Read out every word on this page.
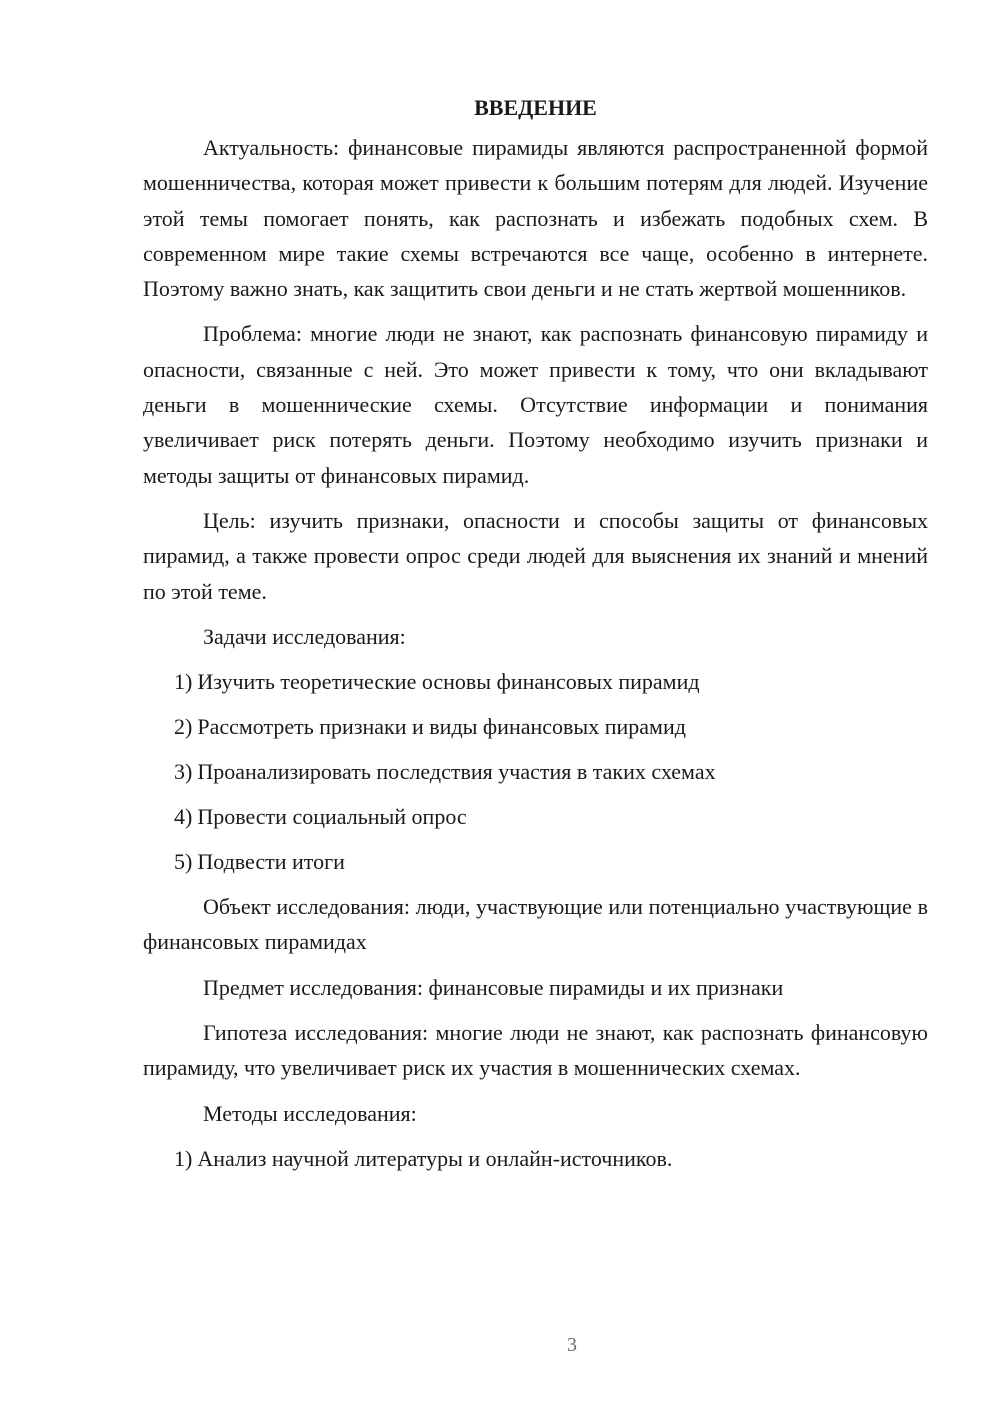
ВВЕДЕНИЕ
Актуальность: финансовые пирамиды являются распространенной формой мошенничества, которая может привести к большим потерям для людей. Изучение этой темы помогает понять, как распознать и избежать подобных схем. В современном мире такие схемы встречаются все чаще, особенно в интернете. Поэтому важно знать, как защитить свои деньги и не стать жертвой мошенников.
Проблема: многие люди не знают, как распознать финансовую пирамиду и опасности, связанные с ней. Это может привести к тому, что они вкладывают деньги в мошеннические схемы. Отсутствие информации и понимания увеличивает риск потерять деньги. Поэтому необходимо изучить признаки и методы защиты от финансовых пирамид.
Цель: изучить признаки, опасности и способы защиты от финансовых пирамид, а также провести опрос среди людей для выяснения их знаний и мнений по этой теме.
Задачи исследования:
1) Изучить теоретические основы финансовых пирамид
2) Рассмотреть признаки и виды финансовых пирамид
3) Проанализировать последствия участия в таких схемах
4) Провести социальный опрос
5) Подвести итоги
Объект исследования: люди, участвующие или потенциально участвующие в финансовых пирамидах
Предмет исследования: финансовые пирамиды и их признаки
Гипотеза исследования: многие люди не знают, как распознать финансовую пирамиду, что увеличивает риск их участия в мошеннических схемах.
Методы исследования:
1) Анализ научной литературы и онлайн-источников.
3
